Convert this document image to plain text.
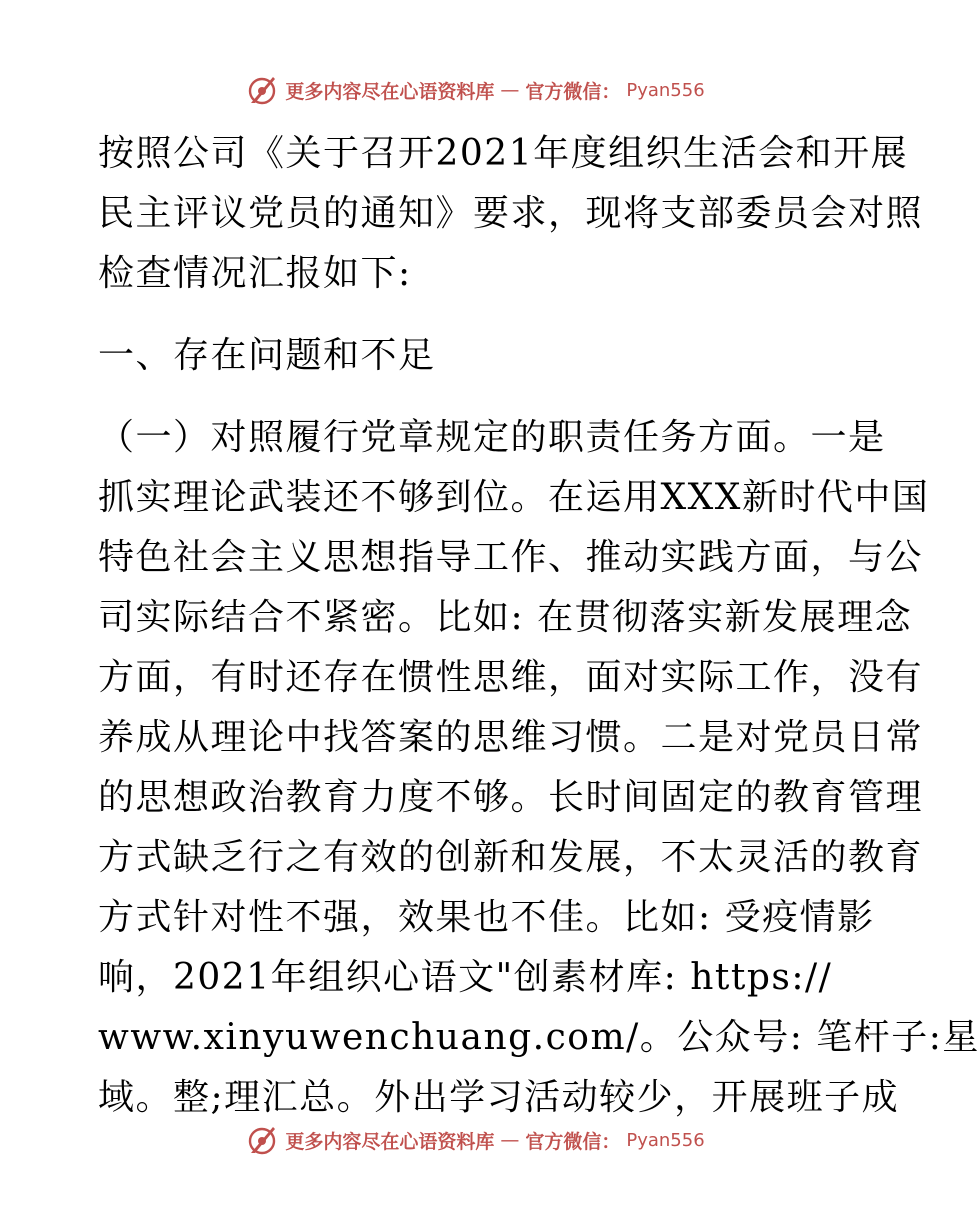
更多内容尽在心语资料库 — 官方微信： Pyan556
按照公司《关于召开2021年度组织生活会和开展
民主评议党员的通知》要求，现将支部委员会对照
检查情况汇报如下:
一、存在问题和不足
（一）对照履行党章规定的职责任务方面。一是
抓实理论武装还不够到位。在运用XXX新时代中国
特色社会主义思想指导工作、推动实践方面，与公
司实际结合不紧密。比如: 在贯彻落实新发展理念
方面，有时还存在惯性思维，面对实际工作，没有
养成从理论中找答案的思维习惯。二是对党员日常
的思想政治教育力度不够。长时间固定的教育管理
方式缺乏行之有效的创新和发展，不太灵活的教育
方式针对性不强，效果也不佳。比如: 受疫情影
响，2021年组织心语文"创素材库: https://
www.xinyuwenchuang.com/。公众号: 笔杆子:星
域。整;理汇总。外出学习活动较少，开展班子成
更多内容尽在心语资料库 — 官方微信： Pyan556
